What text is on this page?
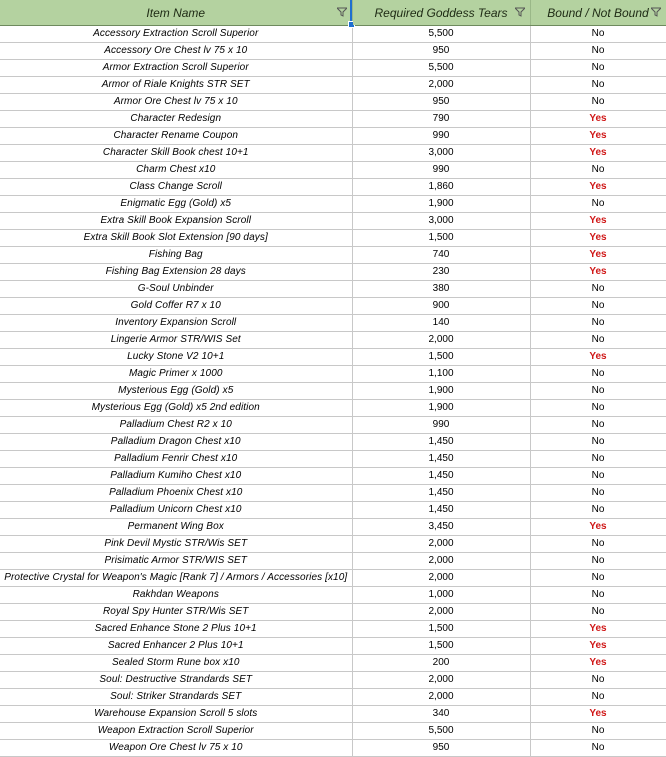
Item Name	Required Goddess Tears	Bound / Not Bound

Accessory Extraction Scroll Superior	5,500	No
Accessory Ore Chest lv 75 x 10	950	No
Armor Extraction Scroll Superior	5,500	No
Armor of Riale Knights STR SET	2,000	No
Armor Ore Chest lv 75 x 10	950	No
Character Redesign	790	Yes
Character Rename Coupon	990	Yes
Character Skill Book chest 10+1	3,000	Yes
Charm Chest x10	990	No
Class Change Scroll	1,860	Yes
Enigmatic Egg (Gold) x5	1,900	No
Extra Skill Book Expansion Scroll	3,000	Yes
Extra Skill Book Slot Extension [90 days]	1,500	Yes
Fishing Bag	740	Yes
Fishing Bag Extension 28 days	230	Yes
G-Soul Unbinder	380	No
Gold Coffer R7 x 10	900	No
Inventory Expansion Scroll	140	No
Lingerie Armor STR/WIS Set	2,000	No
Lucky Stone V2 10+1	1,500	Yes
Magic Primer x 1000	1,100	No
Mysterious Egg (Gold) x5	1,900	No
Mysterious Egg (Gold) x5 2nd edition	1,900	No
Palladium Chest R2 x 10	990	No
Palladium Dragon Chest x10	1,450	No
Palladium Fenrir Chest x10	1,450	No
Palladium Kumiho Chest x10	1,450	No
Palladium Phoenix Chest x10	1,450	No
Palladium Unicorn Chest x10	1,450	No
Permanent Wing Box	3,450	Yes
Pink Devil Mystic STR/Wis SET	2,000	No
Prisimatic Armor STR/WIS SET	2,000	No
Protective Crystal for Weapon's Magic [Rank 7] / Armors / Accessories [x10]	2,000	No
Rakhdan Weapons	1,000	No
Royal Spy Hunter STR/Wis SET	2,000	No
Sacred Enhance Stone 2 Plus 10+1	1,500	Yes
Sacred Enhancer 2 Plus 10+1	1,500	Yes
Sealed Storm Rune box x10	200	Yes
Soul: Destructive Strandards SET	2,000	No
Soul: Striker Strandards SET	2,000	No
Warehouse Expansion Scroll 5 slots	340	Yes
Weapon Extraction Scroll Superior	5,500	No
Weapon Ore Chest lv 75 x 10	950	No
